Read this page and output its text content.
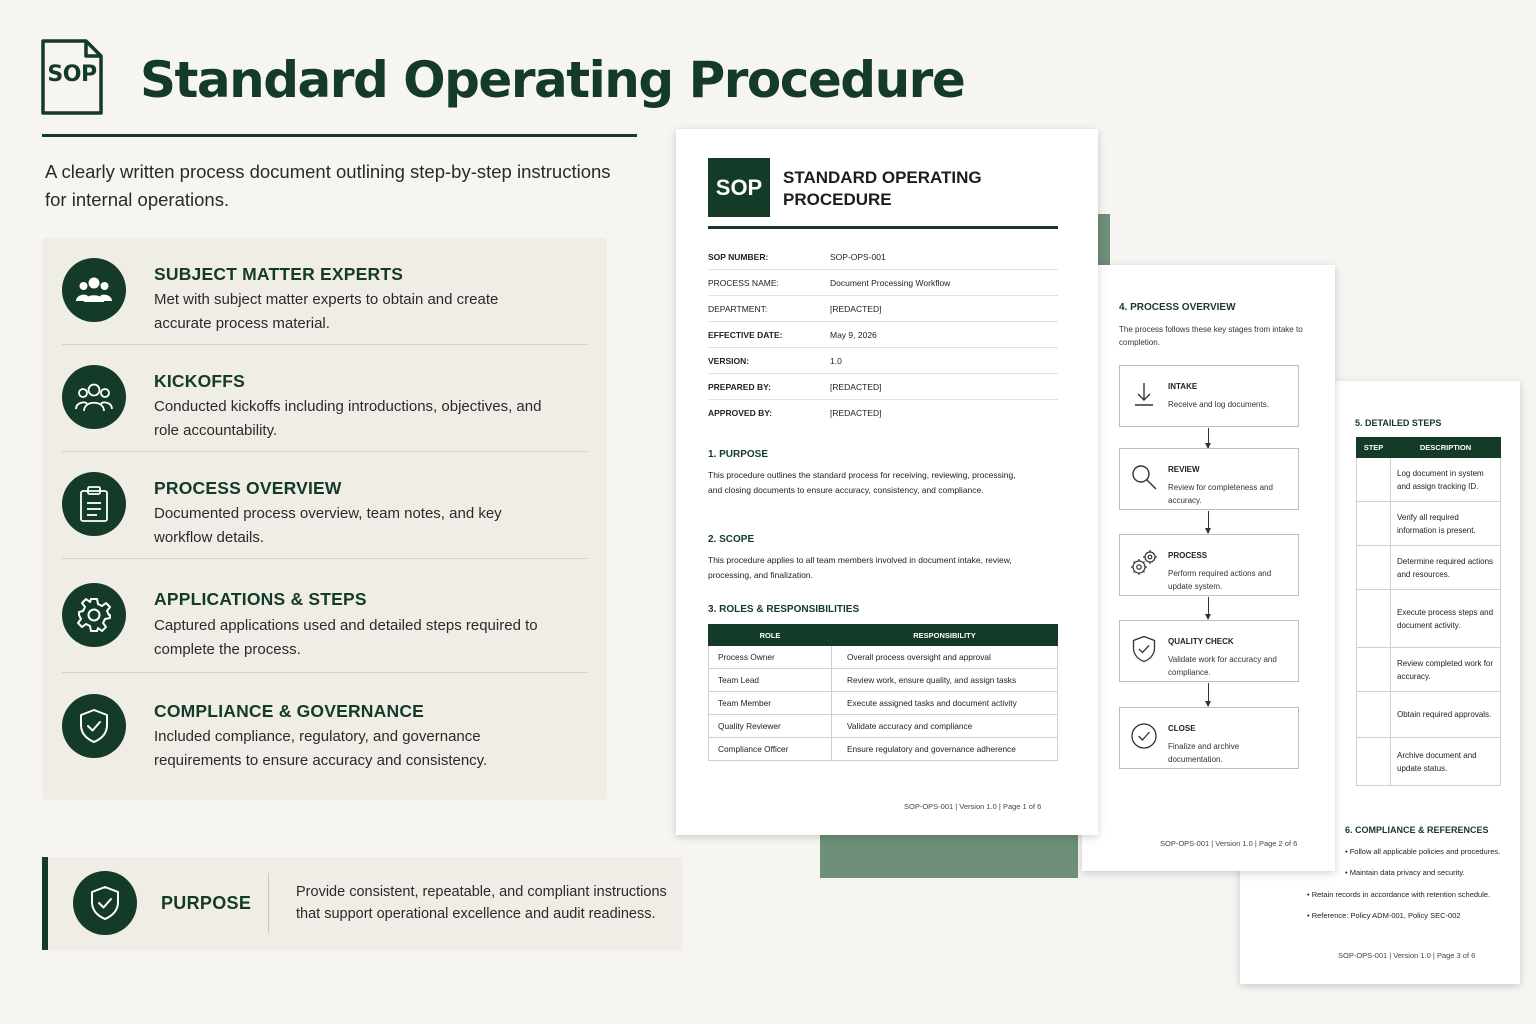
SOP Standard Operating Procedure
A clearly written process document outlining step-by-step instructions for internal operations.
SUBJECT MATTER EXPERTS
Met with subject matter experts to obtain and create accurate process material.
KICKOFFS
Conducted kickoffs including introductions, objectives, and role accountability.
PROCESS OVERVIEW
Documented process overview, team notes, and key workflow details.
APPLICATIONS & STEPS
Captured applications used and detailed steps required to complete the process.
COMPLIANCE & GOVERNANCE
Included compliance, regulatory, and governance requirements to ensure accuracy and consistency.
PURPOSE
Provide consistent, repeatable, and compliant instructions that support operational excellence and audit readiness.
5. DETAILED STEPS
STEP	DESCRIPTION
	Log document in system and assign tracking ID.
	Verify all required information is present.
	Determine required actions and resources.
	Execute process steps and document activity.
	Review completed work for accuracy.
	Obtain required approvals.
	Archive document and update status.
6. COMPLIANCE & REFERENCES
• Follow all applicable policies and procedures.
• Maintain data privacy and security.
• Retain records in accordance with retention schedule.
• Reference: Policy ADM-001, Policy SEC-002
SOP-OPS-001 | Version 1.0 | Page 3 of 6
4. PROCESS OVERVIEW
The process follows these key stages from intake to completion.
INTAKE
Receive and log documents.
REVIEW
Review for completeness and accuracy.
PROCESS
Perform required actions and update system.
QUALITY CHECK
Validate work for accuracy and compliance.
CLOSE
Finalize and archive documentation.
SOP-OPS-001 | Version 1.0 | Page 2 of 6
SOP	STANDARD OPERATING PROCEDURE
SOP NUMBER:	SOP-OPS-001
PROCESS NAME:	Document Processing Workflow
DEPARTMENT:	[REDACTED]
EFFECTIVE DATE:	May 9, 2026
VERSION:	1.0
PREPARED BY:	[REDACTED]
APPROVED BY:	[REDACTED]
1. PURPOSE
This procedure outlines the standard process for receiving, reviewing, processing, and closing documents to ensure accuracy, consistency, and compliance.
2. SCOPE
This procedure applies to all team members involved in document intake, review, processing, and finalization.
3. ROLES & RESPONSIBILITIES
ROLE	RESPONSIBILITY
Process Owner	Overall process oversight and approval
Team Lead	Review work, ensure quality, and assign tasks
Team Member	Execute assigned tasks and document activity
Quality Reviewer	Validate accuracy and compliance
Compliance Officer	Ensure regulatory and governance adherence
SOP-OPS-001 | Version 1.0 | Page 1 of 6
